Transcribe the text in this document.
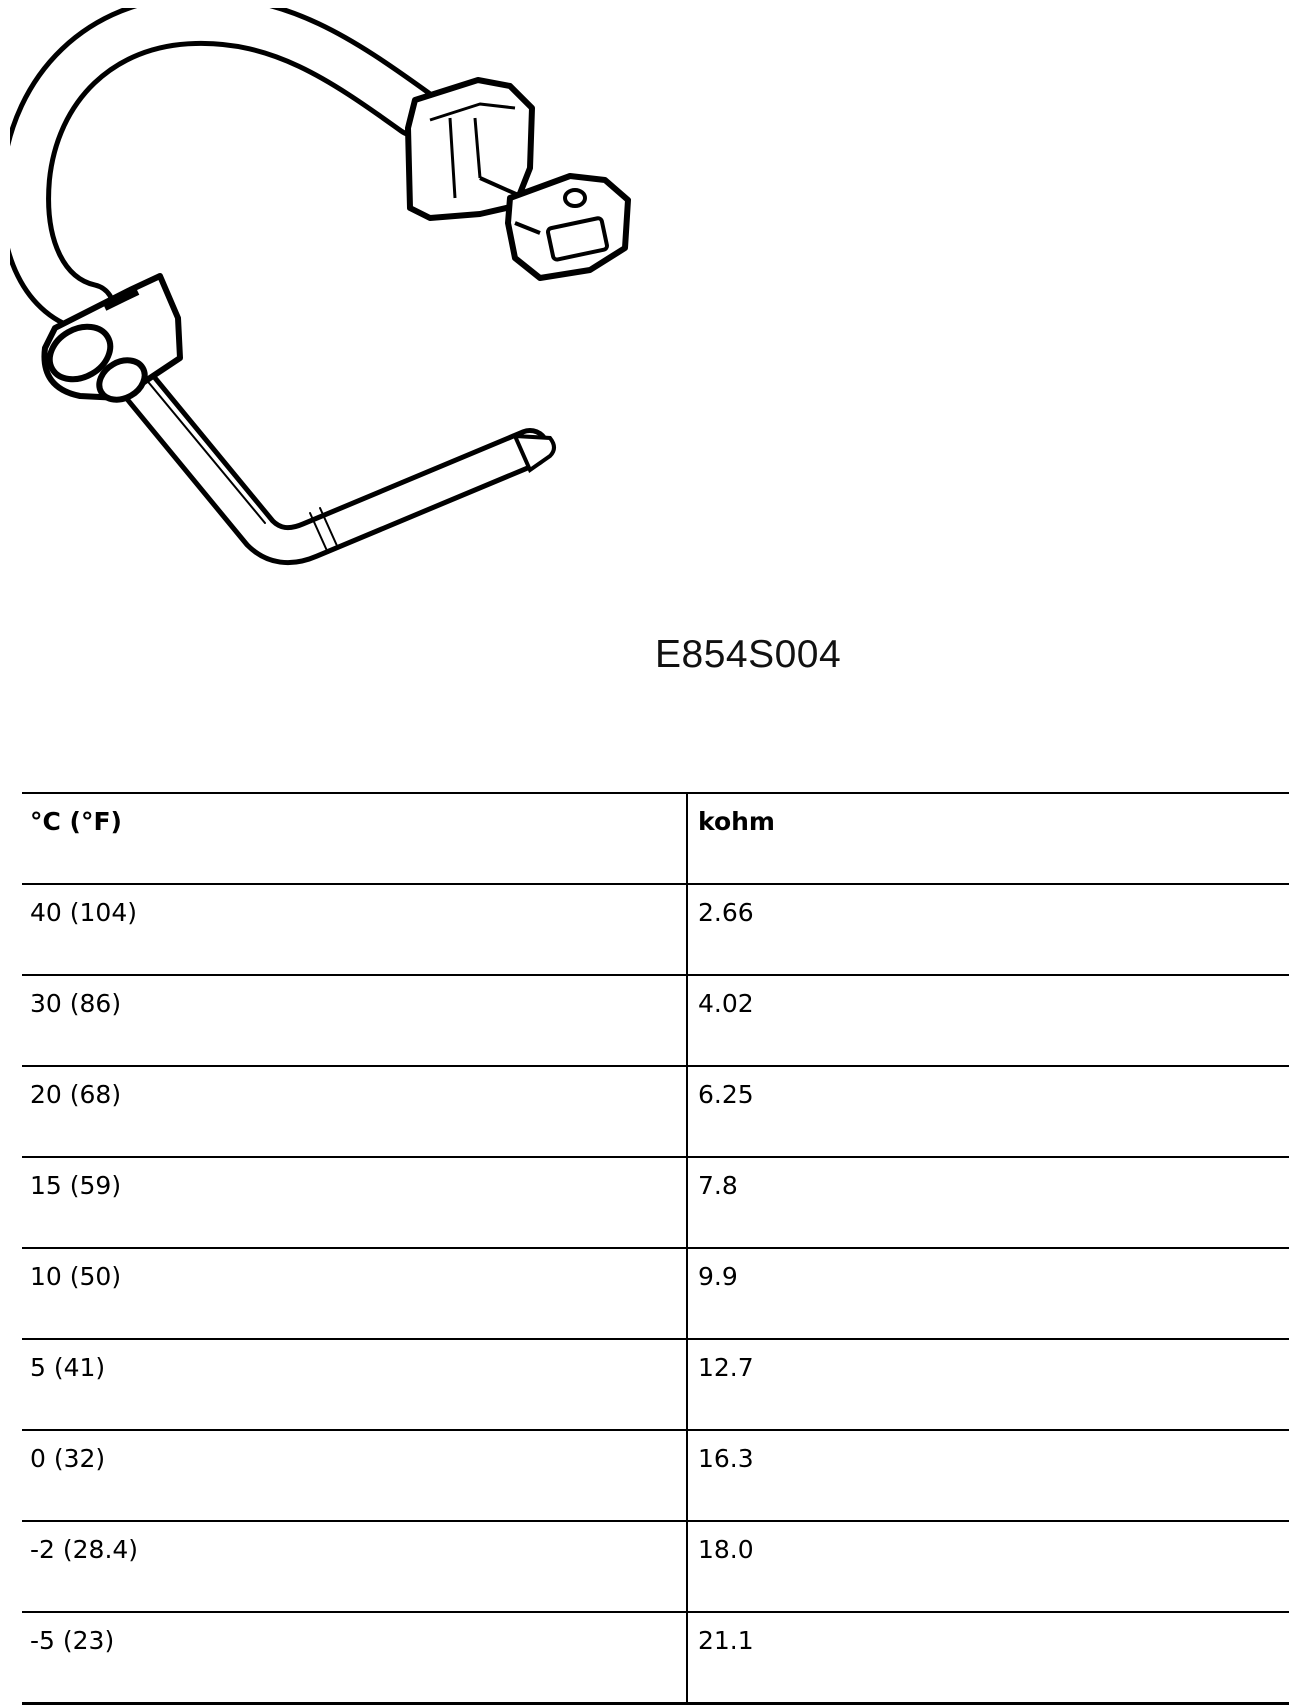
E854S004
°C (°F)	kohm
40 (104)	2.66
30 (86)	4.02
20 (68)	6.25
15 (59)	7.8
10 (50)	9.9
5 (41)	12.7
0 (32)	16.3
-2 (28.4)	18.0
-5 (23)	21.1
